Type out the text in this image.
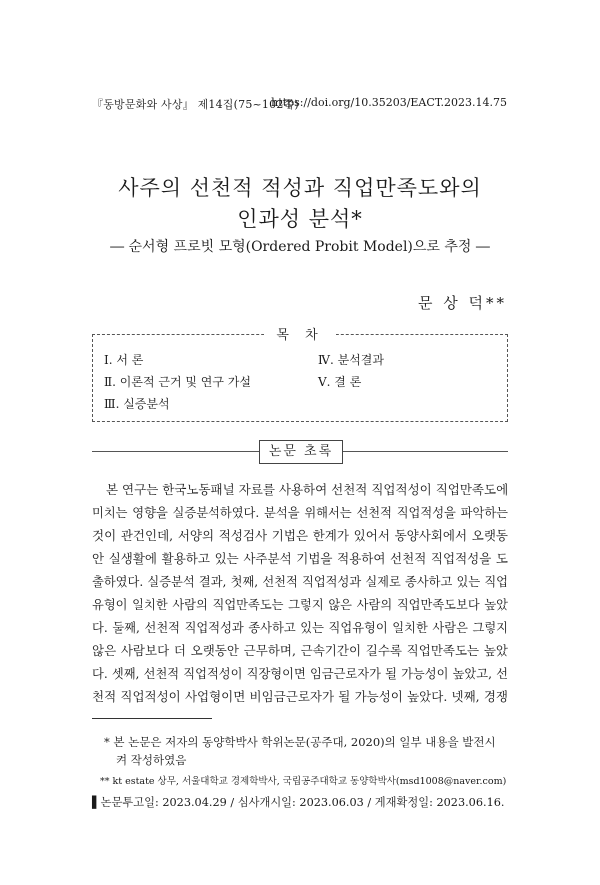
『동방문화와 사상』 제14집(75~102쪽)
https://doi.org/10.35203/EACT.2023.14.75
사주의 선천적 적성과 직업만족도와의
인과성 분석*
― 순서형 프로빗 모형(Ordered Probit Model)으로 추정 ―
문 상 덕**
목 차
Ⅰ. 서 론
Ⅱ. 이론적 근거 및 연구 가설
Ⅲ. 실증분석
Ⅳ. 분석결과
Ⅴ. 결 론
논문 초록
본 연구는 한국노동패널 자료를 사용하여 선천적 직업적성이 직업만족도에
미치는 영향을 실증분석하였다. 분석을 위해서는 선천적 직업적성을 파악하는
것이 관건인데, 서양의 적성검사 기법은 한계가 있어서 동양사회에서 오랫동
안 실생활에 활용하고 있는 사주분석 기법을 적용하여 선천적 직업적성을 도
출하였다. 실증분석 결과, 첫째, 선천적 직업적성과 실제로 종사하고 있는 직업
유형이 일치한 사람의 직업만족도는 그렇지 않은 사람의 직업만족도보다 높았
다. 둘째, 선천적 직업적성과 종사하고 있는 직업유형이 일치한 사람은 그렇지
않은 사람보다 더 오랫동안 근무하며, 근속기간이 길수록 직업만족도는 높았
다. 셋째, 선천적 직업적성이 직장형이면 임금근로자가 될 가능성이 높았고, 선
천적 직업적성이 사업형이면 비임금근로자가 될 가능성이 높았다. 넷째, 경쟁
* 본 논문은 저자의 동양학박사 학위논문(공주대, 2020)의 일부 내용을 발전시
켜 작성하였음
** kt estate 상무, 서울대학교 경제학박사, 국립공주대학교 동양학박사(msd1008@naver.com)
▌논문투고일: 2023.04.29 / 심사개시일: 2023.06.03 / 게재확정일: 2023.06.16.
